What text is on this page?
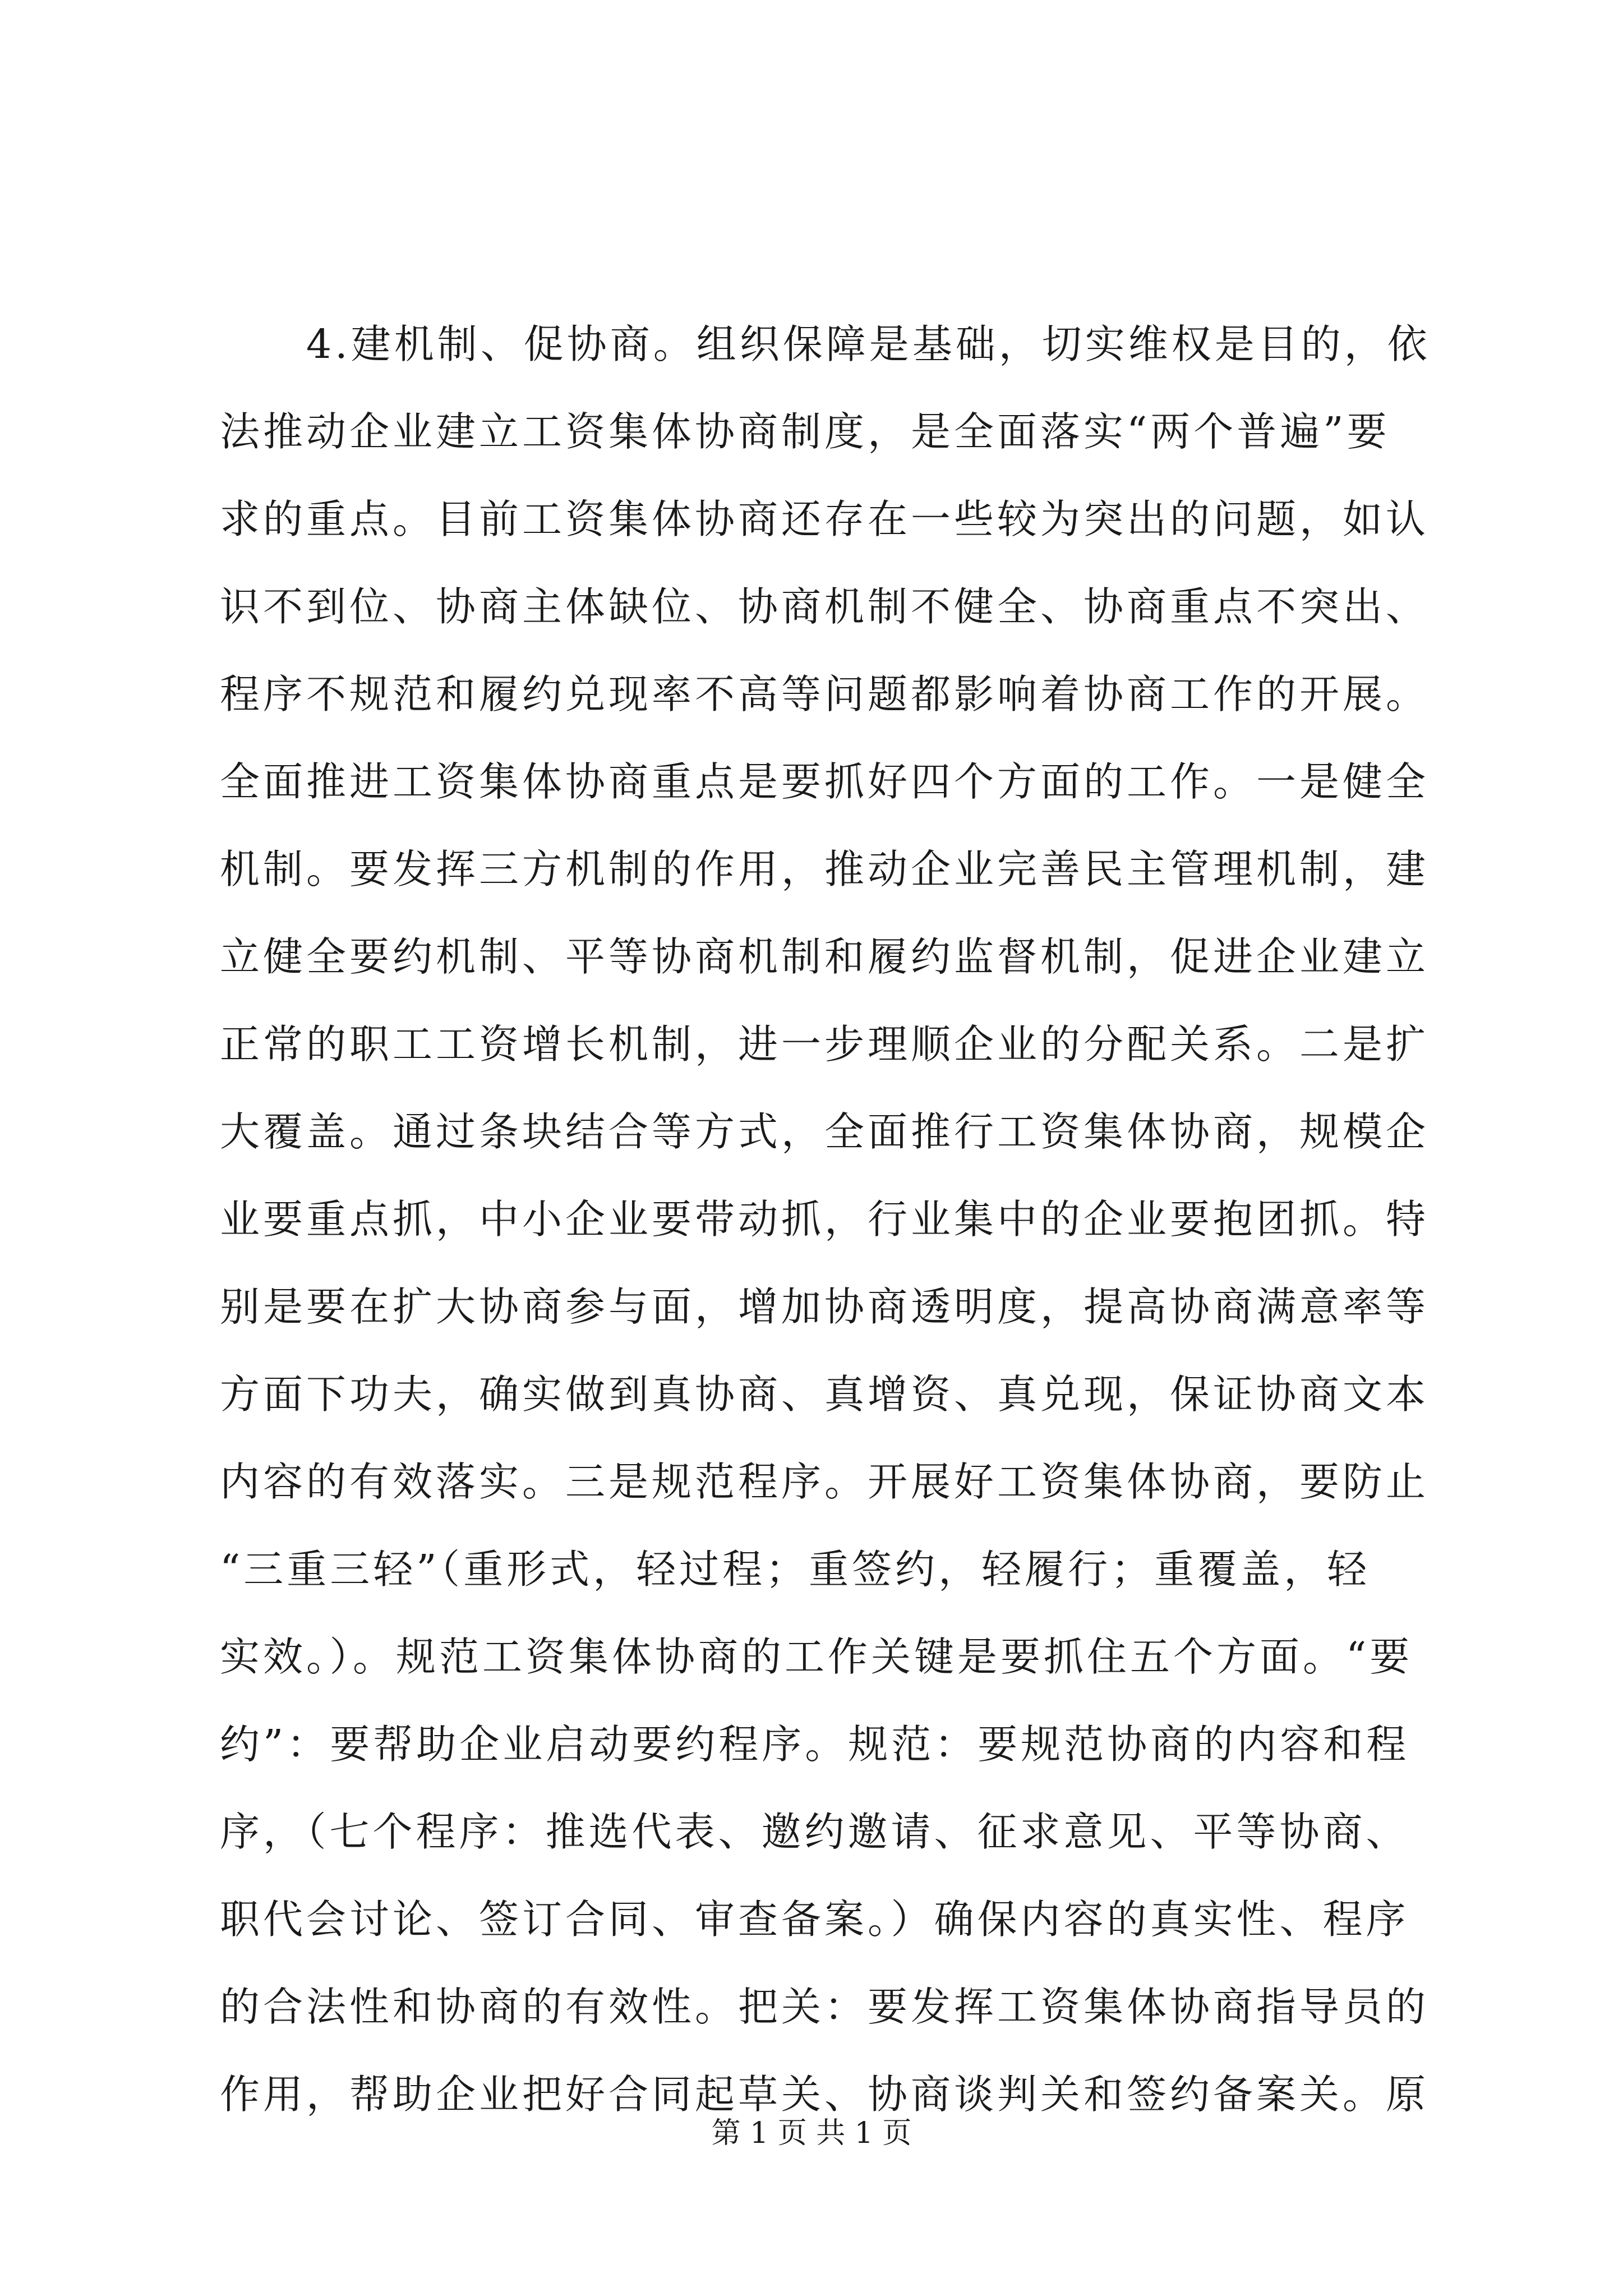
　　4.建机制、促协商。组织保障是基础，切实维权是目的，依
法推动企业建立工资集体协商制度，是全面落实“两个普遍”要
求的重点。目前工资集体协商还存在一些较为突出的问题，如认
识不到位、协商主体缺位、协商机制不健全、协商重点不突出、
程序不规范和履约兑现率不高等问题都影响着协商工作的开展。
全面推进工资集体协商重点是要抓好四个方面的工作。一是健全
机制。要发挥三方机制的作用，推动企业完善民主管理机制，建
立健全要约机制、平等协商机制和履约监督机制，促进企业建立
正常的职工工资增长机制，进一步理顺企业的分配关系。二是扩
大覆盖。通过条块结合等方式，全面推行工资集体协商，规模企
业要重点抓，中小企业要带动抓，行业集中的企业要抱团抓。特
别是要在扩大协商参与面，增加协商透明度，提高协商满意率等
方面下功夫，确实做到真协商、真增资、真兑现，保证协商文本
内容的有效落实。三是规范程序。开展好工资集体协商，要防止
“三重三轻”（重形式，轻过程；重签约，轻履行；重覆盖，轻
实效。）。规范工资集体协商的工作关键是要抓住五个方面。“要
约”：要帮助企业启动要约程序。规范：要规范协商的内容和程
序，（七个程序：推选代表、邀约邀请、征求意见、平等协商、
职代会讨论、签订合同、审查备案。）确保内容的真实性、程序
的合法性和协商的有效性。把关：要发挥工资集体协商指导员的
作用，帮助企业把好合同起草关、协商谈判关和签约备案关。原
第 1 页 共 1 页
